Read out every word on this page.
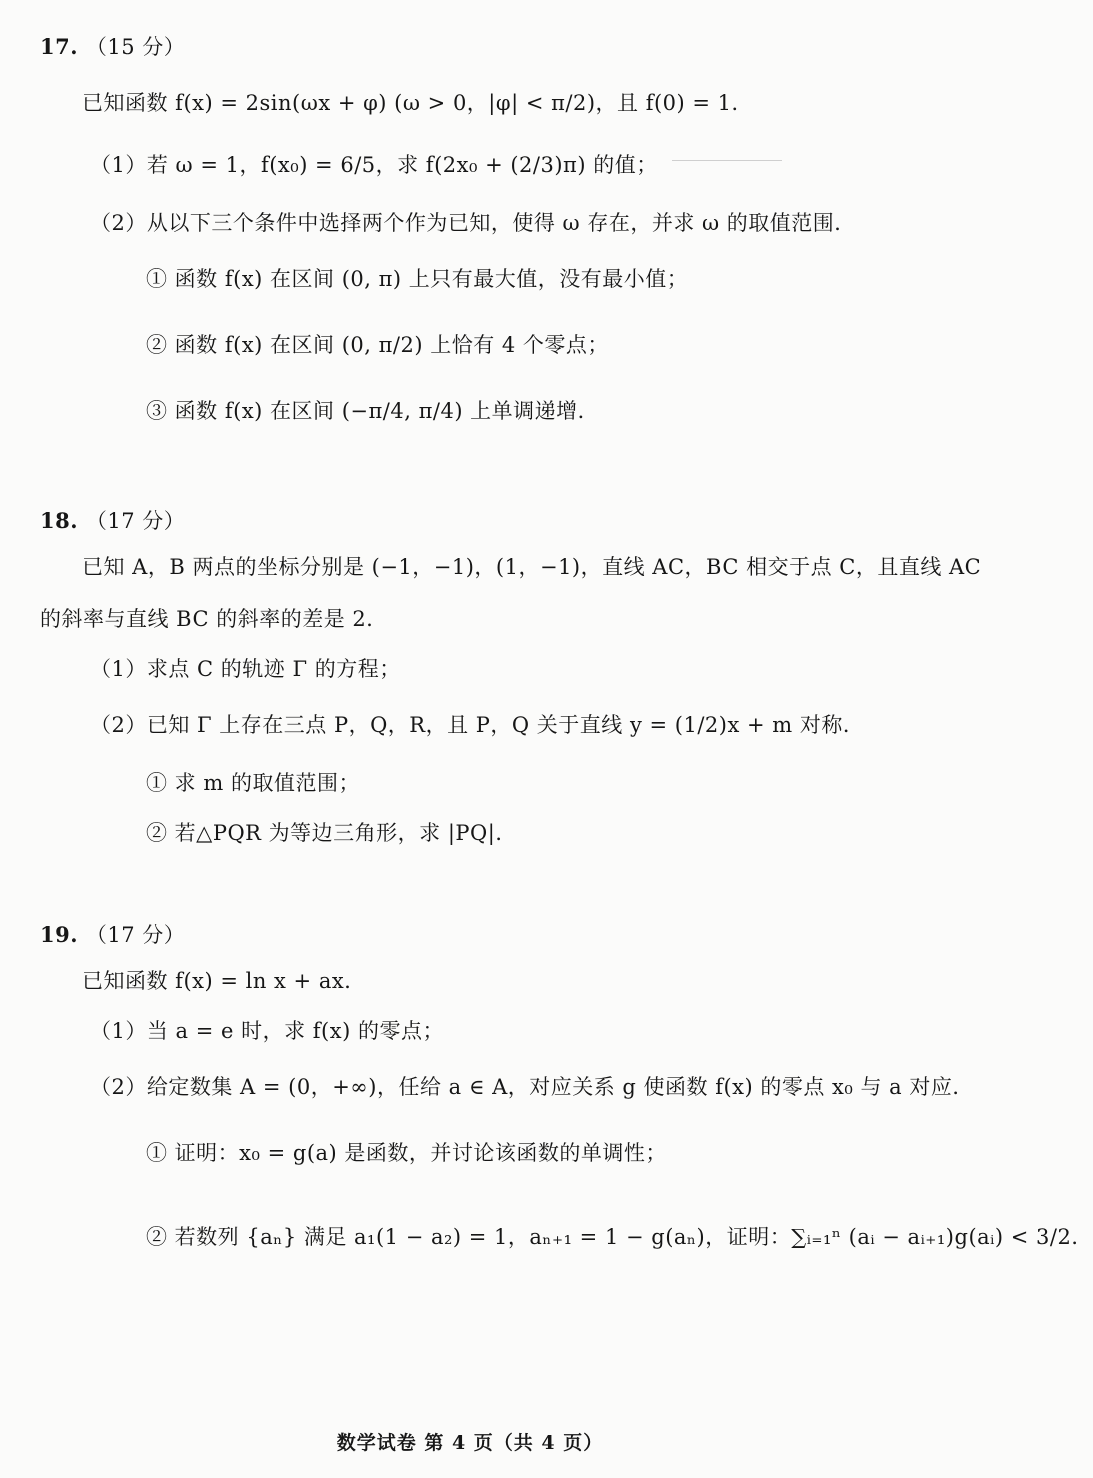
17. （15 分）
已知函数 f(x) = 2sin(ωx + φ) (ω > 0，|φ| < π/2)，且 f(0) = 1．
（1）若 ω = 1，f(x₀) = 6/5，求 f(2x₀ + (2/3)π) 的值；
（2）从以下三个条件中选择两个作为已知，使得 ω 存在，并求 ω 的取值范围．
① 函数 f(x) 在区间 (0, π) 上只有最大值，没有最小值；
② 函数 f(x) 在区间 (0, π/2) 上恰有 4 个零点；
③ 函数 f(x) 在区间 (−π/4, π/4) 上单调递增．
18. （17 分）
已知 A，B 两点的坐标分别是 (−1，−1)，(1，−1)，直线 AC，BC 相交于点 C，且直线 AC
的斜率与直线 BC 的斜率的差是 2．
（1）求点 C 的轨迹 Γ 的方程；
（2）已知 Γ 上存在三点 P，Q，R，且 P，Q 关于直线 y = (1/2)x + m 对称．
① 求 m 的取值范围；
② 若△PQR 为等边三角形，求 |PQ|．
19. （17 分）
已知函数 f(x) = ln x + ax．
（1）当 a = e 时，求 f(x) 的零点；
（2）给定数集 A = (0，+∞)，任给 a ∈ A，对应关系 g 使函数 f(x) 的零点 x₀ 与 a 对应．
① 证明：x₀ = g(a) 是函数，并讨论该函数的单调性；
② 若数列 {aₙ} 满足 a₁(1 − a₂) = 1，aₙ₊₁ = 1 − g(aₙ)，证明：∑ᵢ₌₁ⁿ (aᵢ − aᵢ₊₁)g(aᵢ) < 3/2．
数学试卷 第 4 页（共 4 页）
